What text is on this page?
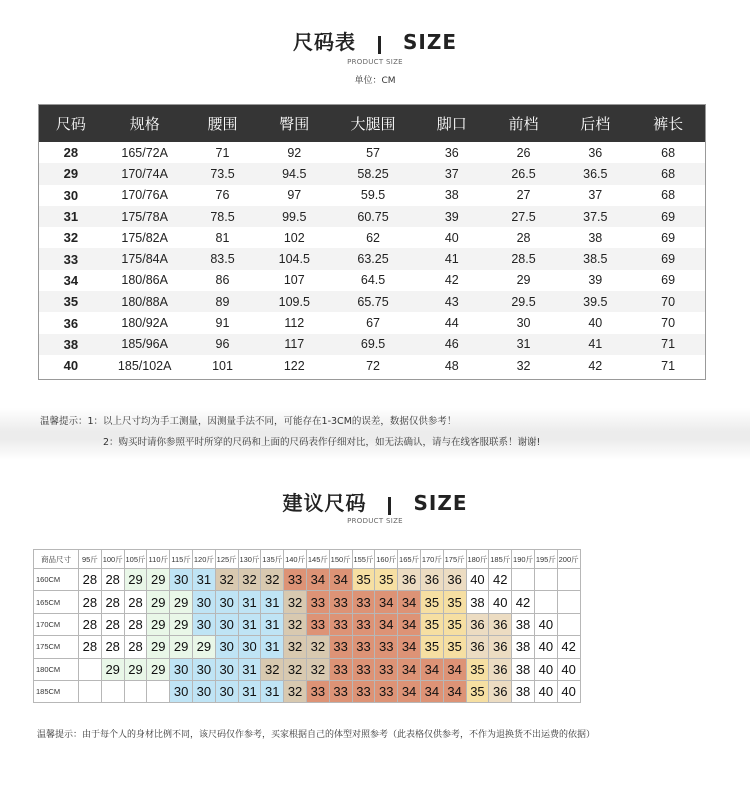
尺码表 SIZE
PRODUCT SIZE
单位：CM
尺码	规格	腰围	臀围	大腿围	脚口	前档	后档	裤长
28	165/72A	71	92	57	36	26	36	68
29	170/74A	73.5	94.5	58.25	37	26.5	36.5	68
30	170/76A	76	97	59.5	38	27	37	68
31	175/78A	78.5	99.5	60.75	39	27.5	37.5	69
32	175/82A	81	102	62	40	28	38	69
33	175/84A	83.5	104.5	63.25	41	28.5	38.5	69
34	180/86A	86	107	64.5	42	29	39	69
35	180/88A	89	109.5	65.75	43	29.5	39.5	70
36	180/92A	91	112	67	44	30	40	70
38	185/96A	96	117	69.5	46	31	41	71
40	185/102A	101	122	72	48	32	42	71
温馨提示：1：以上尺寸均为手工测量，因测量手法不同，可能存在1-3CM的误差，数据仅供参考！
2：购买时请你参照平时所穿的尺码和上面的尺码表作仔细对比，如无法确认，请与在线客服联系！谢谢!
建议尺码 SIZE
PRODUCT SIZE
商品尺寸	95斤	100斤	105斤	110斤	115斤	120斤	125斤	130斤	135斤	140斤	145斤	150斤	155斤	160斤	165斤	170斤	175斤	180斤	185斤	190斤	195斤	200斤
160CM	28	28	29	29	30	31	32	32	32	33	34	34	35	35	36	36	36	40	42			
165CM	28	28	28	29	29	30	30	31	31	32	33	33	33	34	34	35	35	38	40	42		
170CM	28	28	28	29	29	30	30	31	31	32	33	33	33	34	34	35	35	36	36	38	40	
175CM	28	28	28	29	29	29	30	30	31	32	32	33	33	33	34	35	35	36	36	38	40	42
180CM		29	29	29	30	30	30	31	32	32	32	33	33	33	34	34	34	35	36	38	40	40
185CM					30	30	30	31	31	32	33	33	33	33	34	34	34	35	36	38	40	40
温馨提示：由于每个人的身材比例不同，该尺码仅作参考，买家根据自己的体型对照参考（此表格仅供参考，不作为退换货不出运费的依据）
